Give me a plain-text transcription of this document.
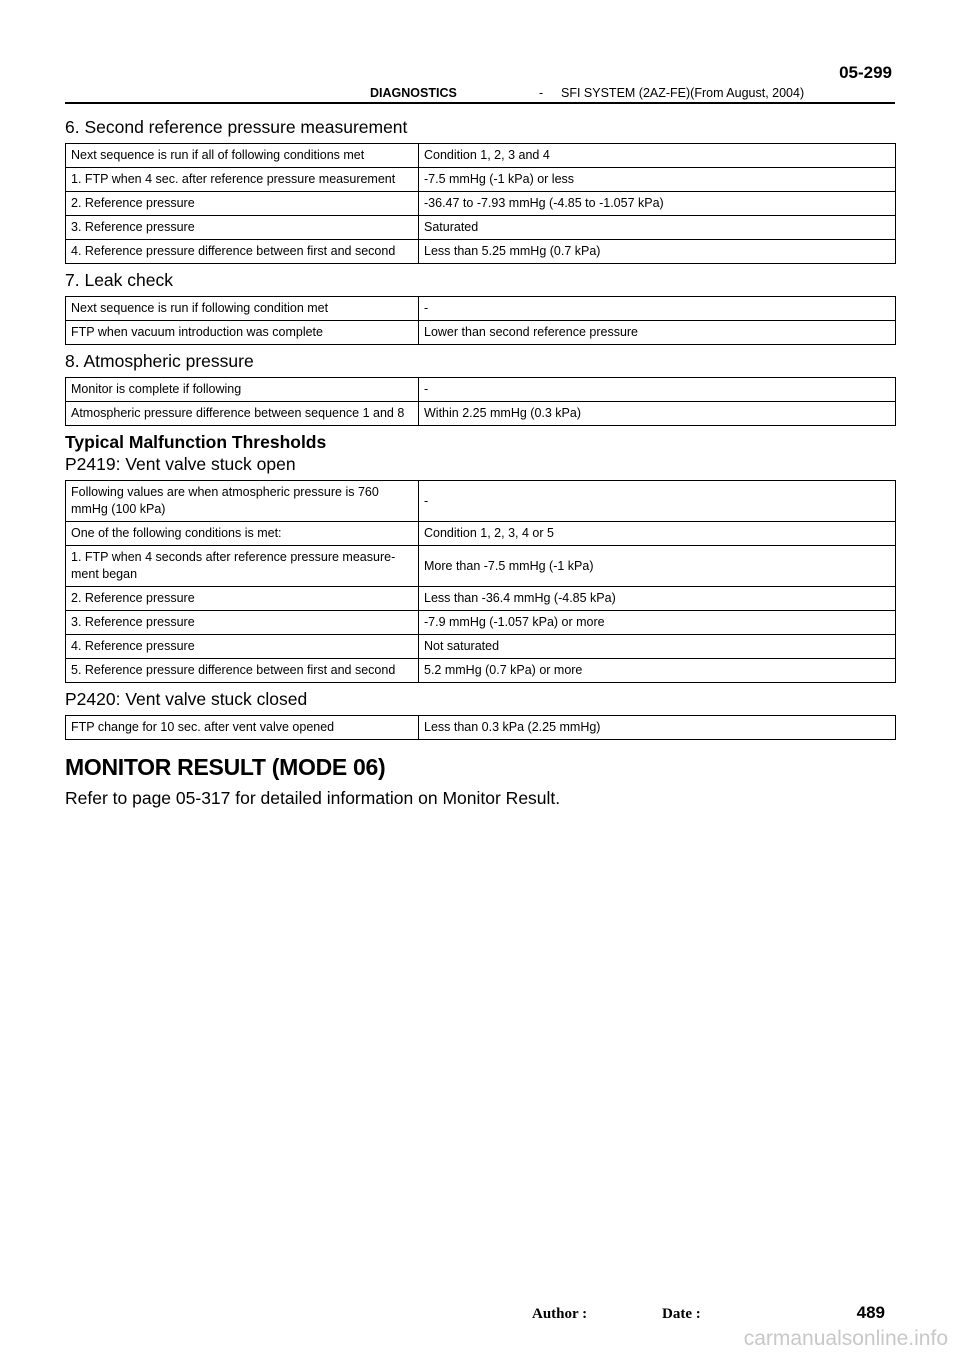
05-299
DIAGNOSTICS	- SFI SYSTEM (2AZ-FE)(From August, 2004)
6. Second reference pressure measurement
Next sequence is run if all of following conditions met	Condition 1, 2, 3 and 4
1. FTP when 4 sec. after reference pressure measurement	-7.5 mmHg (-1 kPa) or less
2. Reference pressure	-36.47 to -7.93 mmHg (-4.85 to -1.057 kPa)
3. Reference pressure	Saturated
4. Reference pressure difference between first and second	Less than 5.25 mmHg (0.7 kPa)
7. Leak check
Next sequence is run if following condition met	-
FTP when vacuum introduction was complete	Lower than second reference pressure
8. Atmospheric pressure
Monitor is complete if following	-
Atmospheric pressure difference between sequence 1 and 8	Within 2.25 mmHg (0.3 kPa)
Typical Malfunction Thresholds
P2419: Vent valve stuck open
Following values are when atmospheric pressure is 760 mmHg (100 kPa)	-
One of the following conditions is met:	Condition 1, 2, 3, 4 or 5
1. FTP when 4 seconds after reference pressure measure-ment began	More than -7.5 mmHg (-1 kPa)
2. Reference pressure	Less than -36.4 mmHg (-4.85 kPa)
3. Reference pressure	-7.9 mmHg (-1.057 kPa) or more
4. Reference pressure	Not saturated
5. Reference pressure difference between first and second	5.2 mmHg (0.7 kPa) or more
P2420: Vent valve stuck closed
FTP change for 10 sec. after vent valve opened	Less than 0.3 kPa (2.25 mmHg)
MONITOR RESULT (MODE 06)

Refer to page 05-317 for detailed information on Monitor Result.

Author :	Date :	489
carmanualsonline.info
